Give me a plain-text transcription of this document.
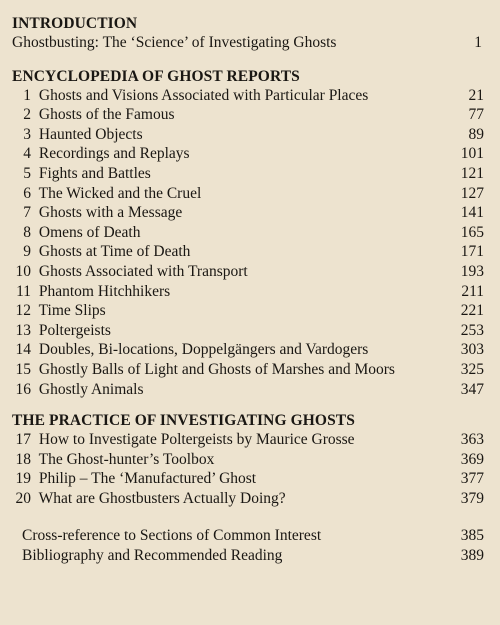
INTRODUCTION
Ghostbusting: The ‘Science’ of Investigating Ghosts	1
ENCYCLOPEDIA OF GHOST REPORTS
1 Ghosts and Visions Associated with Particular Places	21
2 Ghosts of the Famous	77
3 Haunted Objects	89
4 Recordings and Replays	101
5 Fights and Battles	121
6 The Wicked and the Cruel	127
7 Ghosts with a Message	141
8 Omens of Death	165
9 Ghosts at Time of Death	171
10 Ghosts Associated with Transport	193
11 Phantom Hitchhikers	211
12 Time Slips	221
13 Poltergeists	253
14 Doubles, Bi-locations, Doppelgängers and Vardogers	303
15 Ghostly Balls of Light and Ghosts of Marshes and Moors	325
16 Ghostly Animals	347
THE PRACTICE OF INVESTIGATING GHOSTS
17 How to Investigate Poltergeists by Maurice Grosse	363
18 The Ghost-hunter’s Toolbox	369
19 Philip – The ‘Manufactured’ Ghost	377
20 What are Ghostbusters Actually Doing?	379
Cross-reference to Sections of Common Interest	385
Bibliography and Recommended Reading	389
